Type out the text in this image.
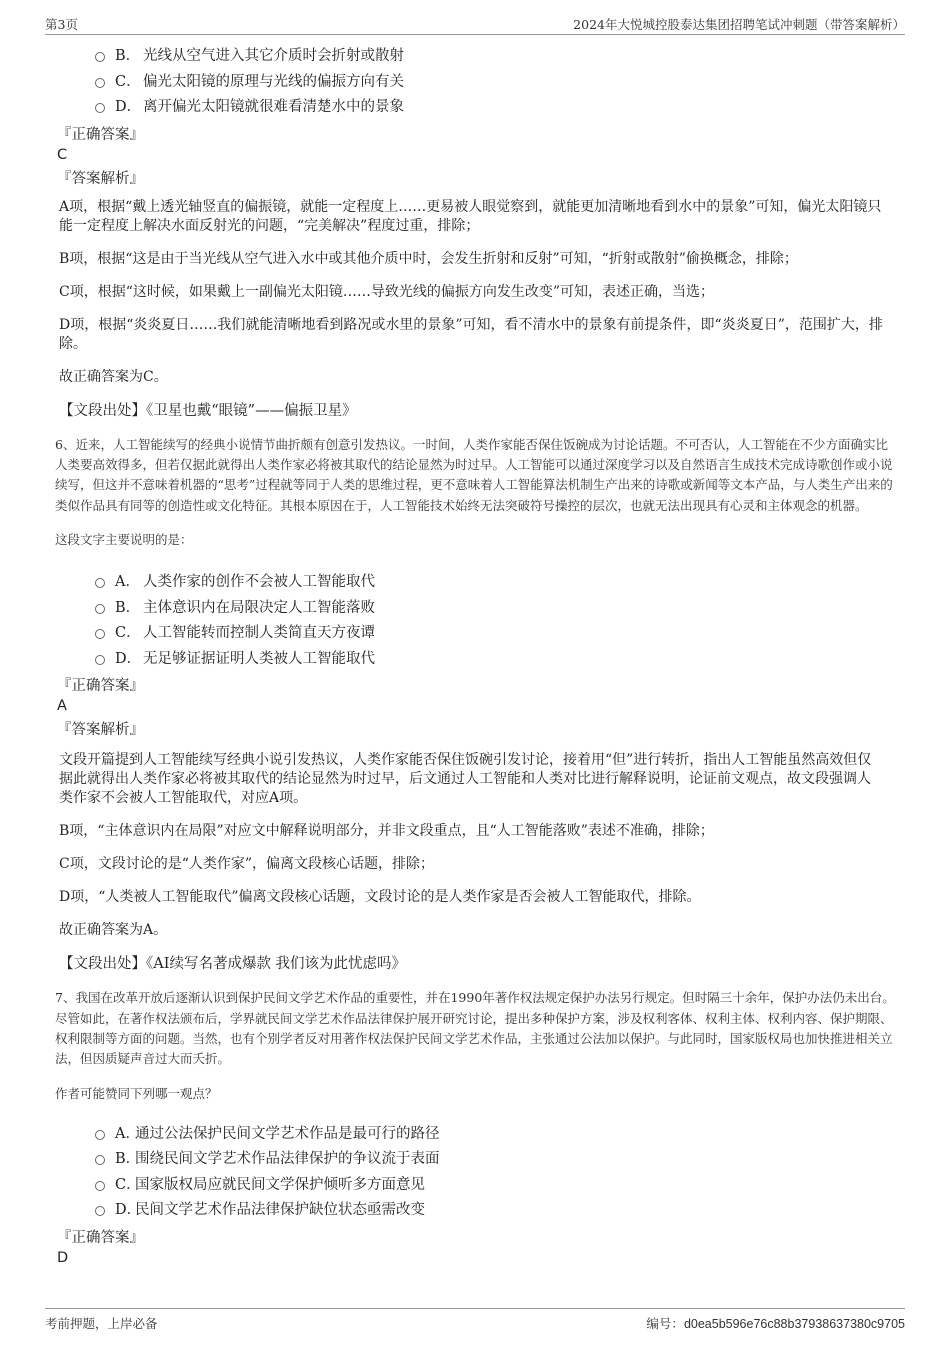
第3页	2024年大悦城控股泰达集团招聘笔试冲刺题（带答案解析）
B． 光线从空气进入其它介质时会折射或散射
C． 偏光太阳镜的原理与光线的偏振方向有关
D． 离开偏光太阳镜就很难看清楚水中的景象
『正确答案』
C
『答案解析』
A项，根据“戴上透光轴竖直的偏振镜，就能一定程度上……更易被人眼觉察到，就能更加清晰地看到水中的景象”可知，偏光太阳镜只能一定程度上解决水面反射光的问题，“完美解决”程度过重，排除；
B项，根据“这是由于当光线从空气进入水中或其他介质中时，会发生折射和反射”可知，“折射或散射”偷换概念，排除；
C项，根据“这时候，如果戴上一副偏光太阳镜……导致光线的偏振方向发生改变”可知，表述正确，当选；
D项，根据“炎炎夏日……我们就能清晰地看到路况或水里的景象”可知，看不清水中的景象有前提条件，即“炎炎夏日”，范围扩大，排除。
故正确答案为C。
【文段出处】《卫星也戴“眼镜”——偏振卫星》

6、近来，人工智能续写的经典小说情节曲折颇有创意引发热议。一时间，人类作家能否保住饭碗成为讨论话题。不可否认，人工智能在不少方面确实比人类要高效得多，但若仅据此就得出人类作家必将被其取代的结论显然为时过早。人工智能可以通过深度学习以及自然语言生成技术完成诗歌创作或小说续写，但这并不意味着机器的“思考”过程就等同于人类的思维过程，更不意味着人工智能算法机制生产出来的诗歌或新闻等文本产品，与人类生产出来的类似作品具有同等的创造性或文化特征。其根本原因在于，人工智能技术始终无法突破符号操控的层次，也就无法出现具有心灵和主体观念的机器。

这段文字主要说明的是：

A． 人类作家的创作不会被人工智能取代
B． 主体意识内在局限决定人工智能落败
C． 人工智能转而控制人类简直天方夜谭
D． 无足够证据证明人类被人工智能取代
『正确答案』
A
『答案解析』
文段开篇提到人工智能续写经典小说引发热议，人类作家能否保住饭碗引发讨论，接着用“但”进行转折，指出人工智能虽然高效但仅据此就得出人类作家必将被其取代的结论显然为时过早，后文通过人工智能和人类对比进行解释说明，论证前文观点，故文段强调人类作家不会被人工智能取代，对应A项。
B项，“主体意识内在局限”对应文中解释说明部分，并非文段重点，且“人工智能落败”表述不准确，排除；
C项，文段讨论的是“人类作家”，偏离文段核心话题，排除；
D项，“人类被人工智能取代”偏离文段核心话题，文段讨论的是人类作家是否会被人工智能取代，排除。
故正确答案为A。
【文段出处】《AI续写名著成爆款 我们该为此忧虑吗》

7、我国在改革开放后逐渐认识到保护民间文学艺术作品的重要性，并在1990年著作权法规定保护办法另行规定。但时隔三十余年，保护办法仍未出台。尽管如此，在著作权法颁布后，学界就民间文学艺术作品法律保护展开研究讨论，提出多种保护方案，涉及权利客体、权利主体、权利内容、保护期限、权利限制等方面的问题。当然，也有个别学者反对用著作权法保护民间文学艺术作品，主张通过公法加以保护。与此同时，国家版权局也加快推进相关立法，但因质疑声音过大而夭折。

作者可能赞同下列哪一观点？

A．
通过公法保护民间文学艺术作品是最可行的路径
B．
围绕民间文学艺术作品法律保护的争议流于表面
C．
国家版权局应就民间文学保护倾听多方面意见
D．
民间文学艺术作品法律保护缺位状态亟需改变
『正确答案』
D
考前押题，上岸必备	编号：d0ea5b596e76c88b37938637380c9705
